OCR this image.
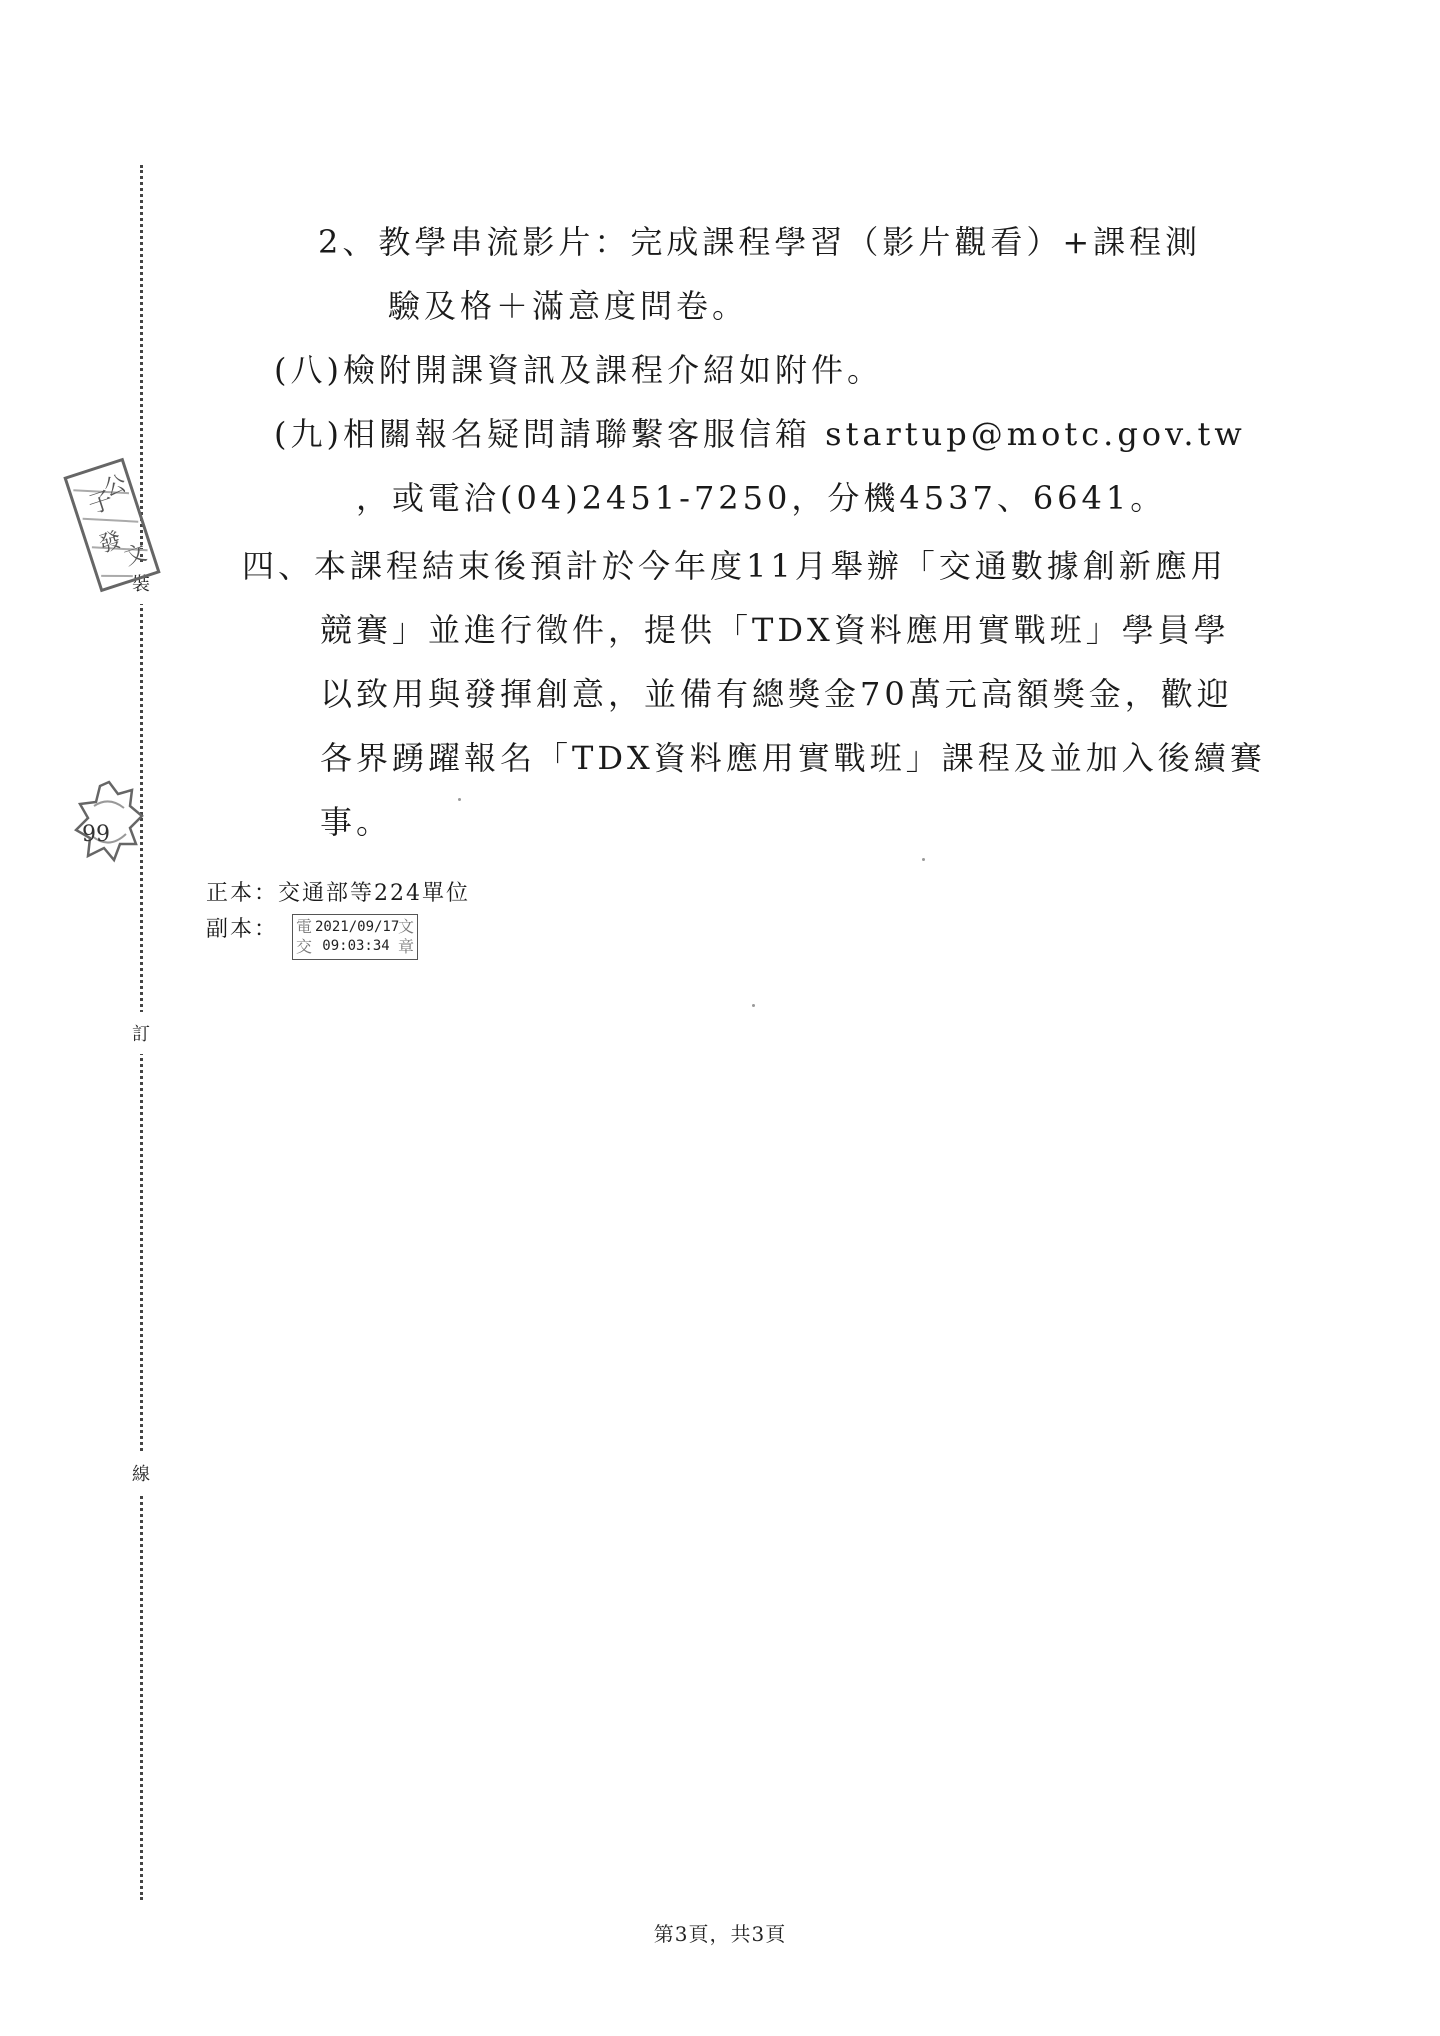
裝
訂
線
子
公
發
文
99
2、教學串流影片：完成課程學習（影片觀看）+課程測
驗及格＋滿意度問卷。
(八)檢附開課資訊及課程介紹如附件。
(九)相關報名疑問請聯繫客服信箱 startup@motc.gov.tw
，或電洽(04)2451-7250，分機4537、6641。
四、本課程結束後預計於今年度11月舉辦「交通數據創新應用
競賽」並進行徵件，提供「TDX資料應用實戰班」學員學
以致用與發揮創意，並備有總獎金70萬元高額獎金，歡迎
各界踴躍報名「TDX資料應用實戰班」課程及並加入後續賽
事。
正本：交通部等224單位
副本： 電交
2021/09/17
09:03:34
文章
第3頁，共3頁
